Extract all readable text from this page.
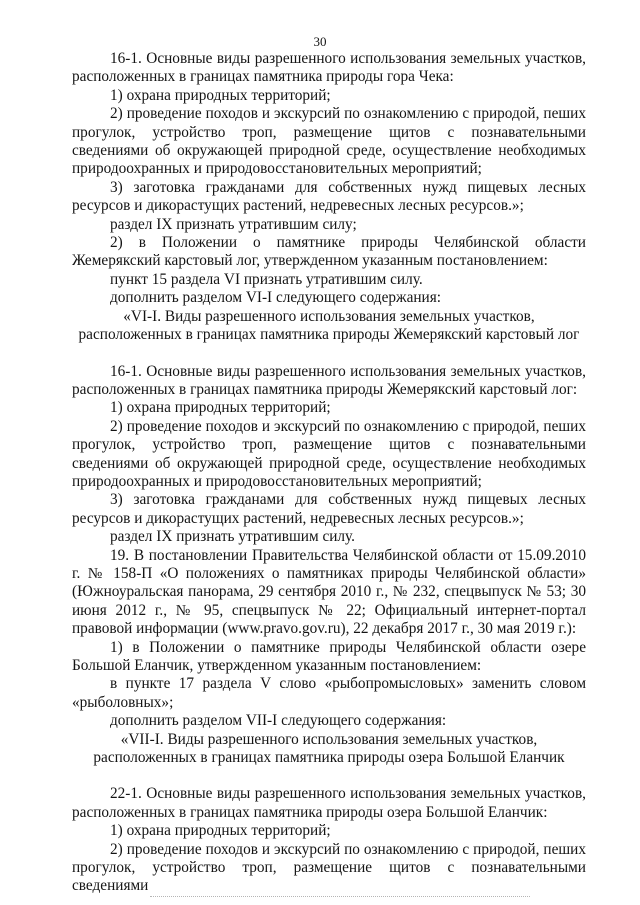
30

16-1. Основные виды разрешенного использования земельных участков, расположенных в границах памятника природы гора Чека:

1) охрана природных территорий;

2) проведение походов и экскурсий по ознакомлению с природой, пеших прогулок, устройство троп, размещение щитов с познавательными сведениями об окружающей природной среде, осуществление необходимых природоохранных и природовосстановительных мероприятий;

3) заготовка гражданами для собственных нужд пищевых лесных ресурсов и дикорастущих растений, недревесных лесных ресурсов.»;

раздел IX признать утратившим силу;

2) в Положении о памятнике природы Челябинской области Жемерякский карстовый лог, утвержденном указанным постановлением:

пункт 15 раздела VI признать утратившим силу.

дополнить разделом VI-I следующего содержания:

«VI-I. Виды разрешенного использования земельных участков,

расположенных в границах памятника природы Жемерякский карстовый лог

16-1. Основные виды разрешенного использования земельных участков, расположенных в границах памятника природы Жемерякский карстовый лог:

1) охрана природных территорий;

2) проведение походов и экскурсий по ознакомлению с природой, пеших прогулок, устройство троп, размещение щитов с познавательными сведениями об окружающей природной среде, осуществление необходимых природоохранных и природовосстановительных мероприятий;

3) заготовка гражданами для собственных нужд пищевых лесных ресурсов и дикорастущих растений, недревесных лесных ресурсов.»;

раздел IX признать утратившим силу.

19. В постановлении Правительства Челябинской области от 15.09.2010 г. № 158-П «О положениях о памятниках природы Челябинской области» (Южноуральская панорама, 29 сентября 2010 г., № 232, спецвыпуск № 53; 30 июня 2012 г., № 95, спецвыпуск № 22; Официальный интернет-портал правовой информации (www.pravo.gov.ru), 22 декабря 2017 г., 30 мая 2019 г.):

1) в Положении о памятнике природы Челябинской области озере Большой Еланчик, утвержденном указанным постановлением:

в пункте 17 раздела V слово «рыбопромысловых» заменить словом «рыболовных»;

дополнить разделом VII-I следующего содержания:

«VII-I. Виды разрешенного использования земельных участков,

расположенных в границах памятника природы озера Большой Еланчик

22-1. Основные виды разрешенного использования земельных участков, расположенных в границах памятника природы озера Большой Еланчик:

1) охрана природных территорий;

2) проведение походов и экскурсий по ознакомлению с природой, пеших прогулок, устройство троп, размещение щитов с познавательными сведениями
